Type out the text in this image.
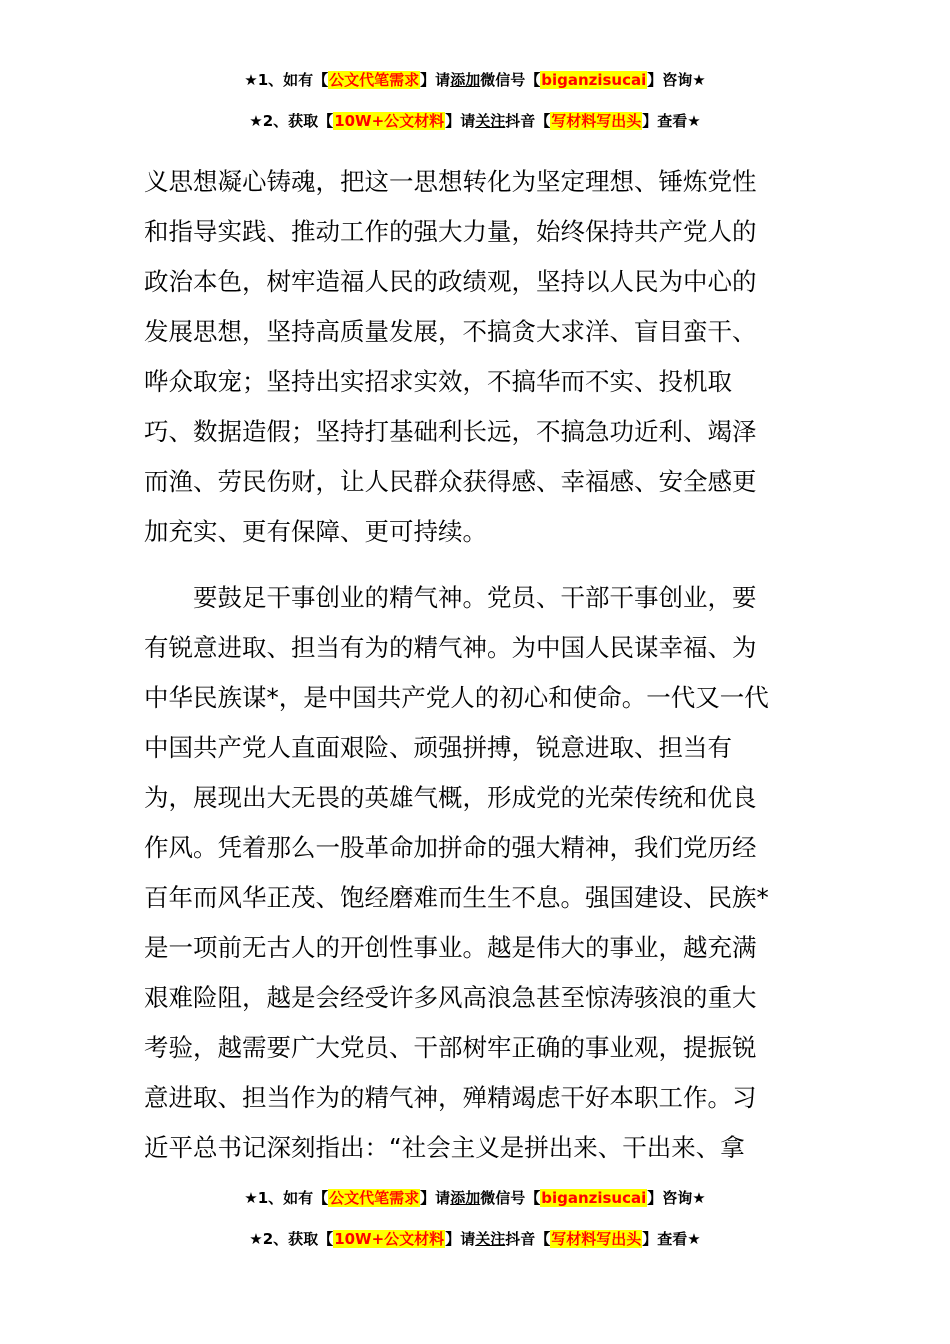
★1、如有【公文代笔需求】请添加微信号【biganzisucai】咨询★
★2、获取【10W+公文材料】请关注抖音【写材料写出头】查看★
义思想凝心铸魂，把这一思想转化为坚定理想、锤炼党性
和指导实践、推动工作的强大力量，始终保持共产党人的
政治本色，树牢造福人民的政绩观，坚持以人民为中心的
发展思想，坚持高质量发展，不搞贪大求洋、盲目蛮干、
哗众取宠；坚持出实招求实效，不搞华而不实、投机取
巧、数据造假；坚持打基础利长远，不搞急功近利、竭泽
而渔、劳民伤财，让人民群众获得感、幸福感、安全感更
加充实、更有保障、更可持续。
要鼓足干事创业的精气神。党员、干部干事创业，要
有锐意进取、担当有为的精气神。为中国人民谋幸福、为
中华民族谋*，是中国共产党人的初心和使命。一代又一代
中国共产党人直面艰险、顽强拼搏，锐意进取、担当有
为，展现出大无畏的英雄气概，形成党的光荣传统和优良
作风。凭着那么一股革命加拼命的强大精神，我们党历经
百年而风华正茂、饱经磨难而生生不息。强国建设、民族*
是一项前无古人的开创性事业。越是伟大的事业，越充满
艰难险阻，越是会经受许多风高浪急甚至惊涛骇浪的重大
考验，越需要广大党员、干部树牢正确的事业观，提振锐
意进取、担当作为的精气神，殚精竭虑干好本职工作。习
近平总书记深刻指出：“社会主义是拼出来、干出来、拿
★1、如有【公文代笔需求】请添加微信号【biganzisucai】咨询★
★2、获取【10W+公文材料】请关注抖音【写材料写出头】查看★
